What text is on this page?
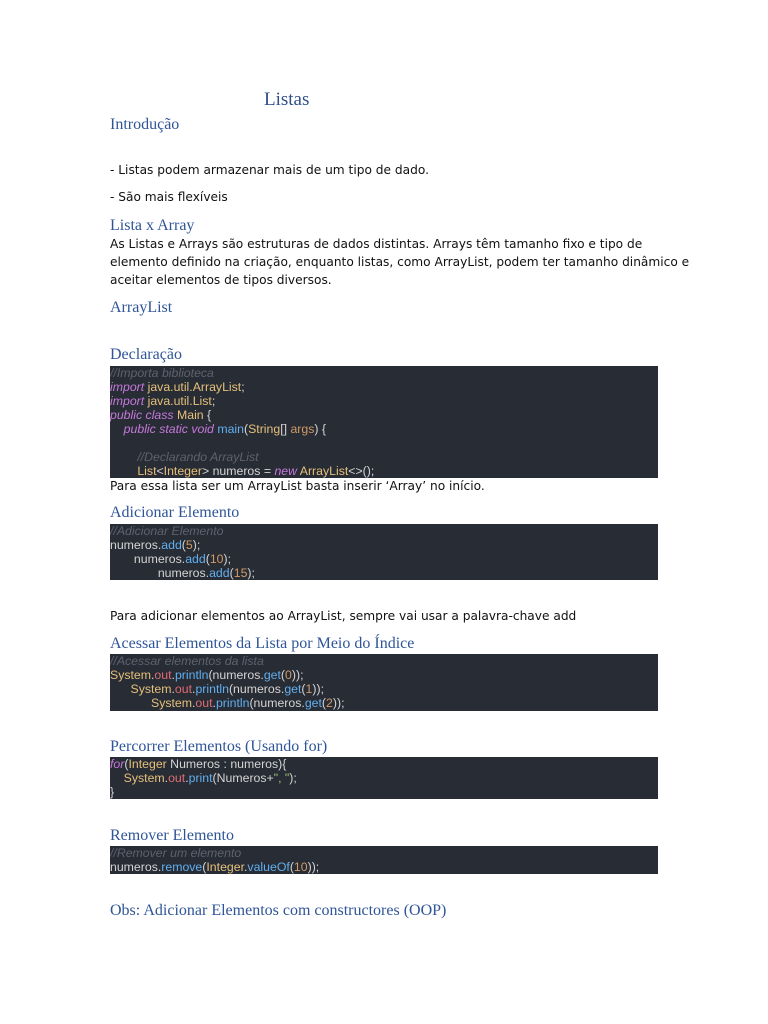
Listas
Introdução
- Listas podem armazenar mais de um tipo de dado.
- São mais flexíveis
Lista x Array
As Listas e Arrays são estruturas de dados distintas. Arrays têm tamanho fixo e tipo de
elemento definido na criação, enquanto listas, como ArrayList, podem ter tamanho dinâmico e
aceitar elementos de tipos diversos.
ArrayList
Declaração
//Importa biblioteca
import java.util.ArrayList;
import java.util.List;
public class Main {
public static void main(String[] args) {
//Declarando ArrayList
List<Integer> numeros = new ArrayList<>();
Para essa lista ser um ArrayList basta inserir ‘Array’ no início.
Adicionar Elemento
//Adicionar Elemento
numeros.add(5);
numeros.add(10);
numeros.add(15);
Para adicionar elementos ao ArrayList, sempre vai usar a palavra-chave add
Acessar Elementos da Lista por Meio do Índice
//Acessar elementos da lista
System.out.println(numeros.get(0));
System.out.println(numeros.get(1));
System.out.println(numeros.get(2));
Percorrer Elementos (Usando for)
for(Integer Numeros : numeros){
System.out.print(Numeros+", ");
}
Remover Elemento
//Remover um elemento
numeros.remove(Integer.valueOf(10));
Obs: Adicionar Elementos com constructores (OOP)
